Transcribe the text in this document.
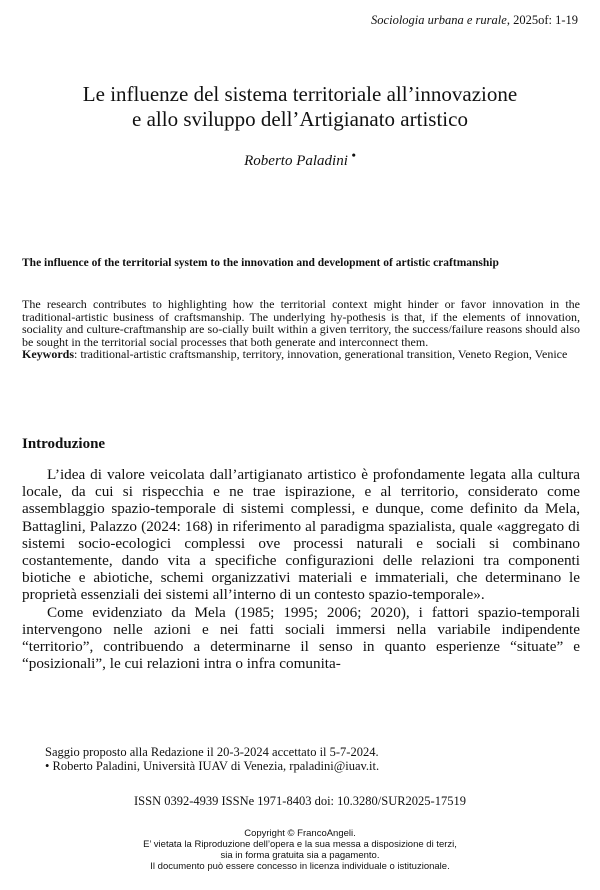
Sociologia urbana e rurale, 2025of: 1-19
Le influenze del sistema territoriale all’innovazione
e allo sviluppo dell’Artigianato artistico
Roberto Paladini •
The influence of the territorial system to the innovation and development of artistic craftmanship
The research contributes to highlighting how the territorial context might hinder or favor innovation in the traditional-artistic business of craftsmanship. The underlying hy-pothesis is that, if the elements of innovation, sociality and culture-craftmanship are so-cially built within a given territory, the success/failure reasons should also be sought in the territorial social processes that both generate and interconnect them.
Keywords: traditional-artistic craftsmanship, territory, innovation, generational transition, Veneto Region, Venice
Introduzione

L’idea di valore veicolata dall’artigianato artistico è profondamente legata alla cultura locale, da cui si rispecchia e ne trae ispirazione, e al territorio, considerato come assemblaggio spazio-temporale di sistemi complessi, e dunque, come definito da Mela, Battaglini, Palazzo (2024: 168) in riferimento al paradigma spazialista, quale «aggregato di sistemi socio-ecologici complessi ove processi naturali e sociali si combinano costantemente, dando vita a specifiche configurazioni delle relazioni tra componenti biotiche e abiotiche, schemi organizzativi materiali e immateriali, che determinano le proprietà essenziali dei sistemi all’interno di un contesto spazio-temporale».

Come evidenziato da Mela (1985; 1995; 2006; 2020), i fattori spazio-temporali intervengono nelle azioni e nei fatti sociali immersi nella variabile indipendente “territorio”, contribuendo a determinarne il senso in quanto esperienze “situate” e “posizionali”, le cui relazioni intra o infra comunita-

Saggio proposto alla Redazione il 20-3-2024 accettato il 5-7-2024.
• Roberto Paladini, Università IUAV di Venezia, rpaladini@iuav.it.
ISSN 0392-4939 ISSNe 1971-8403 doi: 10.3280/SUR2025-17519
Copyright © FrancoAngeli.
E’ vietata la Riproduzione dell’opera e la sua messa a disposizione di terzi,
sia in forma gratuita sia a pagamento.
Il documento può essere concesso in licenza individuale o istituzionale.
